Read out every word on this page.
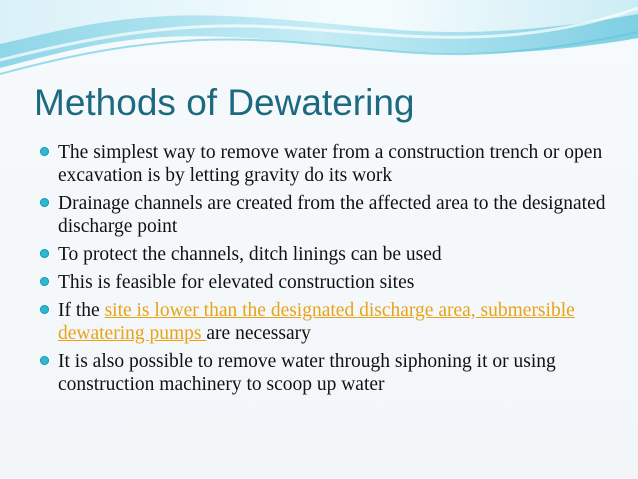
Methods of Dewatering
The simplest way to remove water from a construction trench or open excavation is by letting gravity do its work
Drainage channels are created from the affected area to the designated discharge point
To protect the channels, ditch linings can be used
This is feasible for elevated construction sites
If the site is lower than the designated discharge area, submersible dewatering pumps are necessary
It is also possible to remove water through siphoning it or using construction machinery to scoop up water
